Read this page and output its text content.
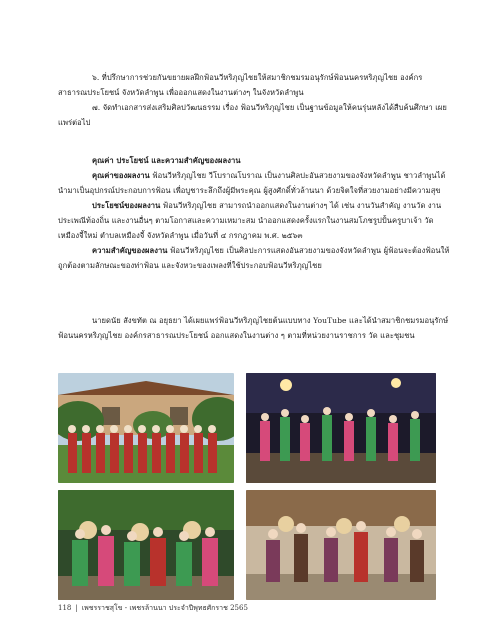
๖. ที่ปรึกษาการช่วยกันขยายผลฝึกฟ้อนวีหริภุญไชยให้สมาชิกชมรมอนุรักษ์ฟ้อนนครหริภุญไชย องค์กรสาธารณประโยชน์ จังหวัดลำพูน เพื่อออกแสดงในงานต่างๆ ในจังหวัดลำพูน

๗. จัดทำเอกสารส่งเสริมศิลปวัฒนธรรม เรื่อง ฟ้อนวีหริภุญไชย เป็นฐานข้อมูลให้คนรุ่นหลังได้สืบค้นศึกษา เผยแพร่ต่อไป

คุณค่า ประโยชน์ และความสำคัญของผลงาน

คุณค่าของผลงาน ฟ้อนวีหริภุญไชย วีโบราณโบราณ เป็นงานศิลปะอันสวยงามของจังหวัดลำพูน ชาวลำพูนได้นำมาเป็นอุปกรณ์ประกอบการฟ้อน เพื่อบูชาระลึกถึงผู้มีพระคุณ ผู้สูงศักดิ์ทั่วล้านนา ด้วยจิตใจที่สวยงามอย่างมีความสุข

ประโยชน์ของผลงาน ฟ้อนวีหริภุญไชย สามารถนำออกแสดงในงานต่างๆ ได้ เช่น งานวันสำคัญ งานวัด งานประเพณีท้องถิ่น และงานอื่นๆ ตามโอกาสและความเหมาะสม นำออกแสดงครั้งแรกในงานสมโภชรูปปั้นครูบาเจ้า วัดเหมืองจี้ใหม่ ตำบลเหมืองจี้ จังหวัดลำพูน เมื่อวันที่ ๔ กรกฎาคม พ.ศ. ๒๕๖๓

ความสำคัญของผลงาน ฟ้อนวีหริภุญไชย เป็นศิลปะการแสดงอันสวยงามของจังหวัดลำพูน ผู้ฟ้อนจะต้องฟ้อนให้ถูกต้องตามลักษณะของท่าฟ้อน และจังหวะของเพลงที่ใช้ประกอบฟ้อนวีหริภุญไชย

นายดนัย สังขทัต ณ อยุธยา ได้เผยแพร่ฟ้อนวีหริภุญไชยต้นแบบทาง YouTube และได้นำสมาชิกชมรมอนุรักษ์ฟ้อนนครหริภุญไชย องค์กรสาธารณประโยชน์ ออกแสดงในงานต่าง ๆ ตามที่หน่วยงานราชการ วัด และชุมชน

118 | เพชรราชสุโข - เพชรล้านนา ประจำปีพุทธศักราช 2565
